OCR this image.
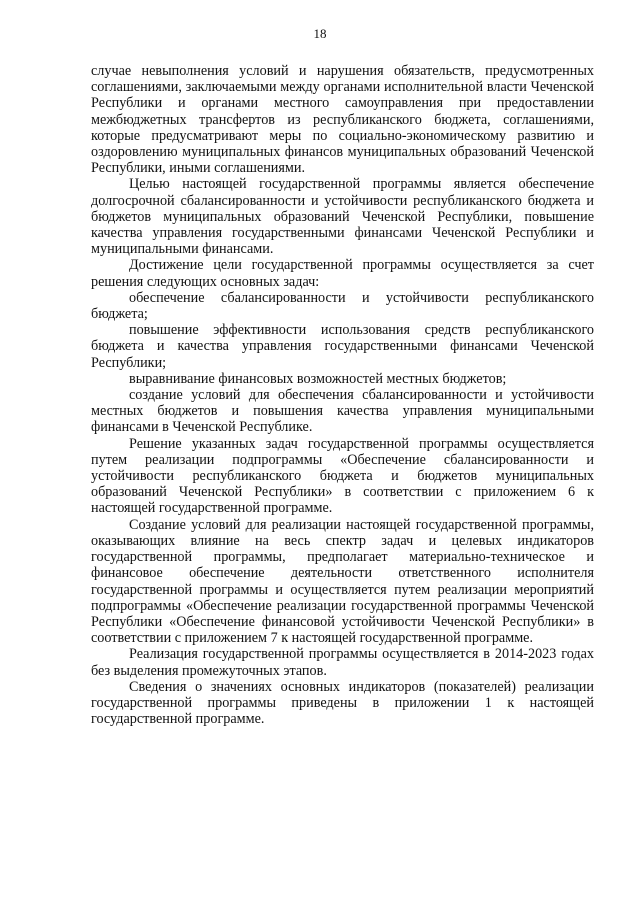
18

случае невыполнения условий и нарушения обязательств, предусмотренных соглашениями, заключаемыми между органами исполнительной власти Чеченской Республики и органами местного самоуправления при предоставлении межбюджетных трансфертов из республиканского бюджета, соглашениями, которые предусматривают меры по социально-экономическому развитию и оздоровлению муниципальных финансов муниципальных образований Чеченской Республики, иными соглашениями.

Целью настоящей государственной программы является обеспечение долгосрочной сбалансированности и устойчивости республиканского бюджета и бюджетов муниципальных образований Чеченской Республики, повышение качества управления государственными финансами Чеченской Республики и муниципальными финансами.

Достижение цели государственной программы осуществляется за счет решения следующих основных задач:

обеспечение сбалансированности и устойчивости республиканского бюджета;

повышение эффективности использования средств республиканского бюджета и качества управления государственными финансами Чеченской Республики;

выравнивание финансовых возможностей местных бюджетов;

создание условий для обеспечения сбалансированности и устойчивости местных бюджетов и повышения качества управления муниципальными финансами в Чеченской Республике.

Решение указанных задач государственной программы осуществляется путем реализации подпрограммы «Обеспечение сбалансированности и устойчивости республиканского бюджета и бюджетов муниципальных образований Чеченской Республики» в соответствии с приложением 6 к настоящей государственной программе.

Создание условий для реализации настоящей государственной программы, оказывающих влияние на весь спектр задач и целевых индикаторов государственной программы, предполагает материально-техническое и финансовое обеспечение деятельности ответственного исполнителя государственной программы и осуществляется путем реализации мероприятий подпрограммы «Обеспечение реализации государственной программы Чеченской Республики «Обеспечение финансовой устойчивости Чеченской Республики» в соответствии с приложением 7 к настоящей государственной программе.

Реализация государственной программы осуществляется в 2014-2023 годах без выделения промежуточных этапов.

Сведения о значениях основных индикаторов (показателей) реализации государственной программы приведены в приложении 1 к настоящей государственной программе.
